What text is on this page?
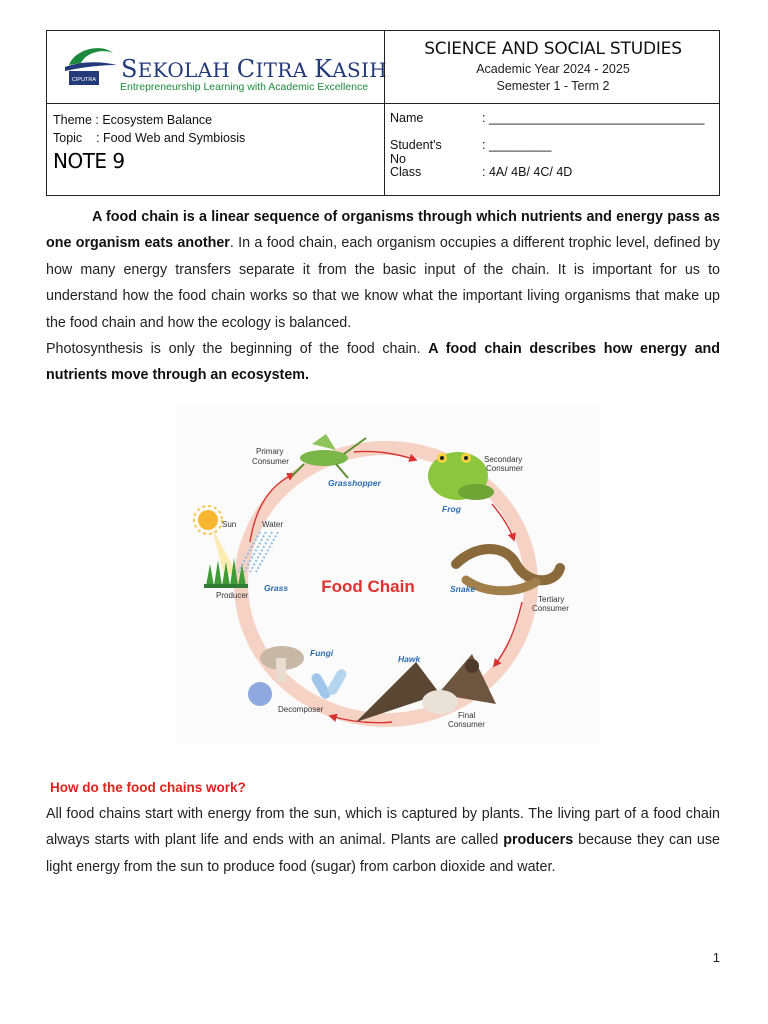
CIPUTRA SEKOLAH CITRA KASIH
Entrepreneurship Learning with Academic Excellence
SCIENCE AND SOCIAL STUDIES
Academic Year 2024 - 2025
Semester 1 - Term 2
Theme : Ecosystem Balance
Topic    : Food Web and Symbiosis
NOTE 9
Name	: _______________________________
Student's No
: _________
Class	: 4A/ 4B/ 4C/ 4D
A food chain is a linear sequence of organisms through which nutrients and energy pass as one organism eats another. In a food chain, each organism occupies a different trophic level, defined by how many energy transfers separate it from the basic input of the chain. It is important for us to understand how the food chain works so that we know what the important living organisms that make up the food chain and how the ecology is balanced.
Photosynthesis is only the beginning of the food chain. A food chain describes how energy and nutrients move through an ecosystem.
Food Chain
Primary
Consumer
Grasshopper
Secondary
Consumer
Frog
Sun	Water
Grass
Producer
Snake
Tertiary
Consumer
Fungi
Hawk
Decomposer
Final
Consumer
How do the food chains work?
All food chains start with energy from the sun, which is captured by plants. The living part of a food chain always starts with plant life and ends with an animal. Plants are called producers because they can use light energy from the sun to produce food (sugar) from carbon dioxide and water.
1
